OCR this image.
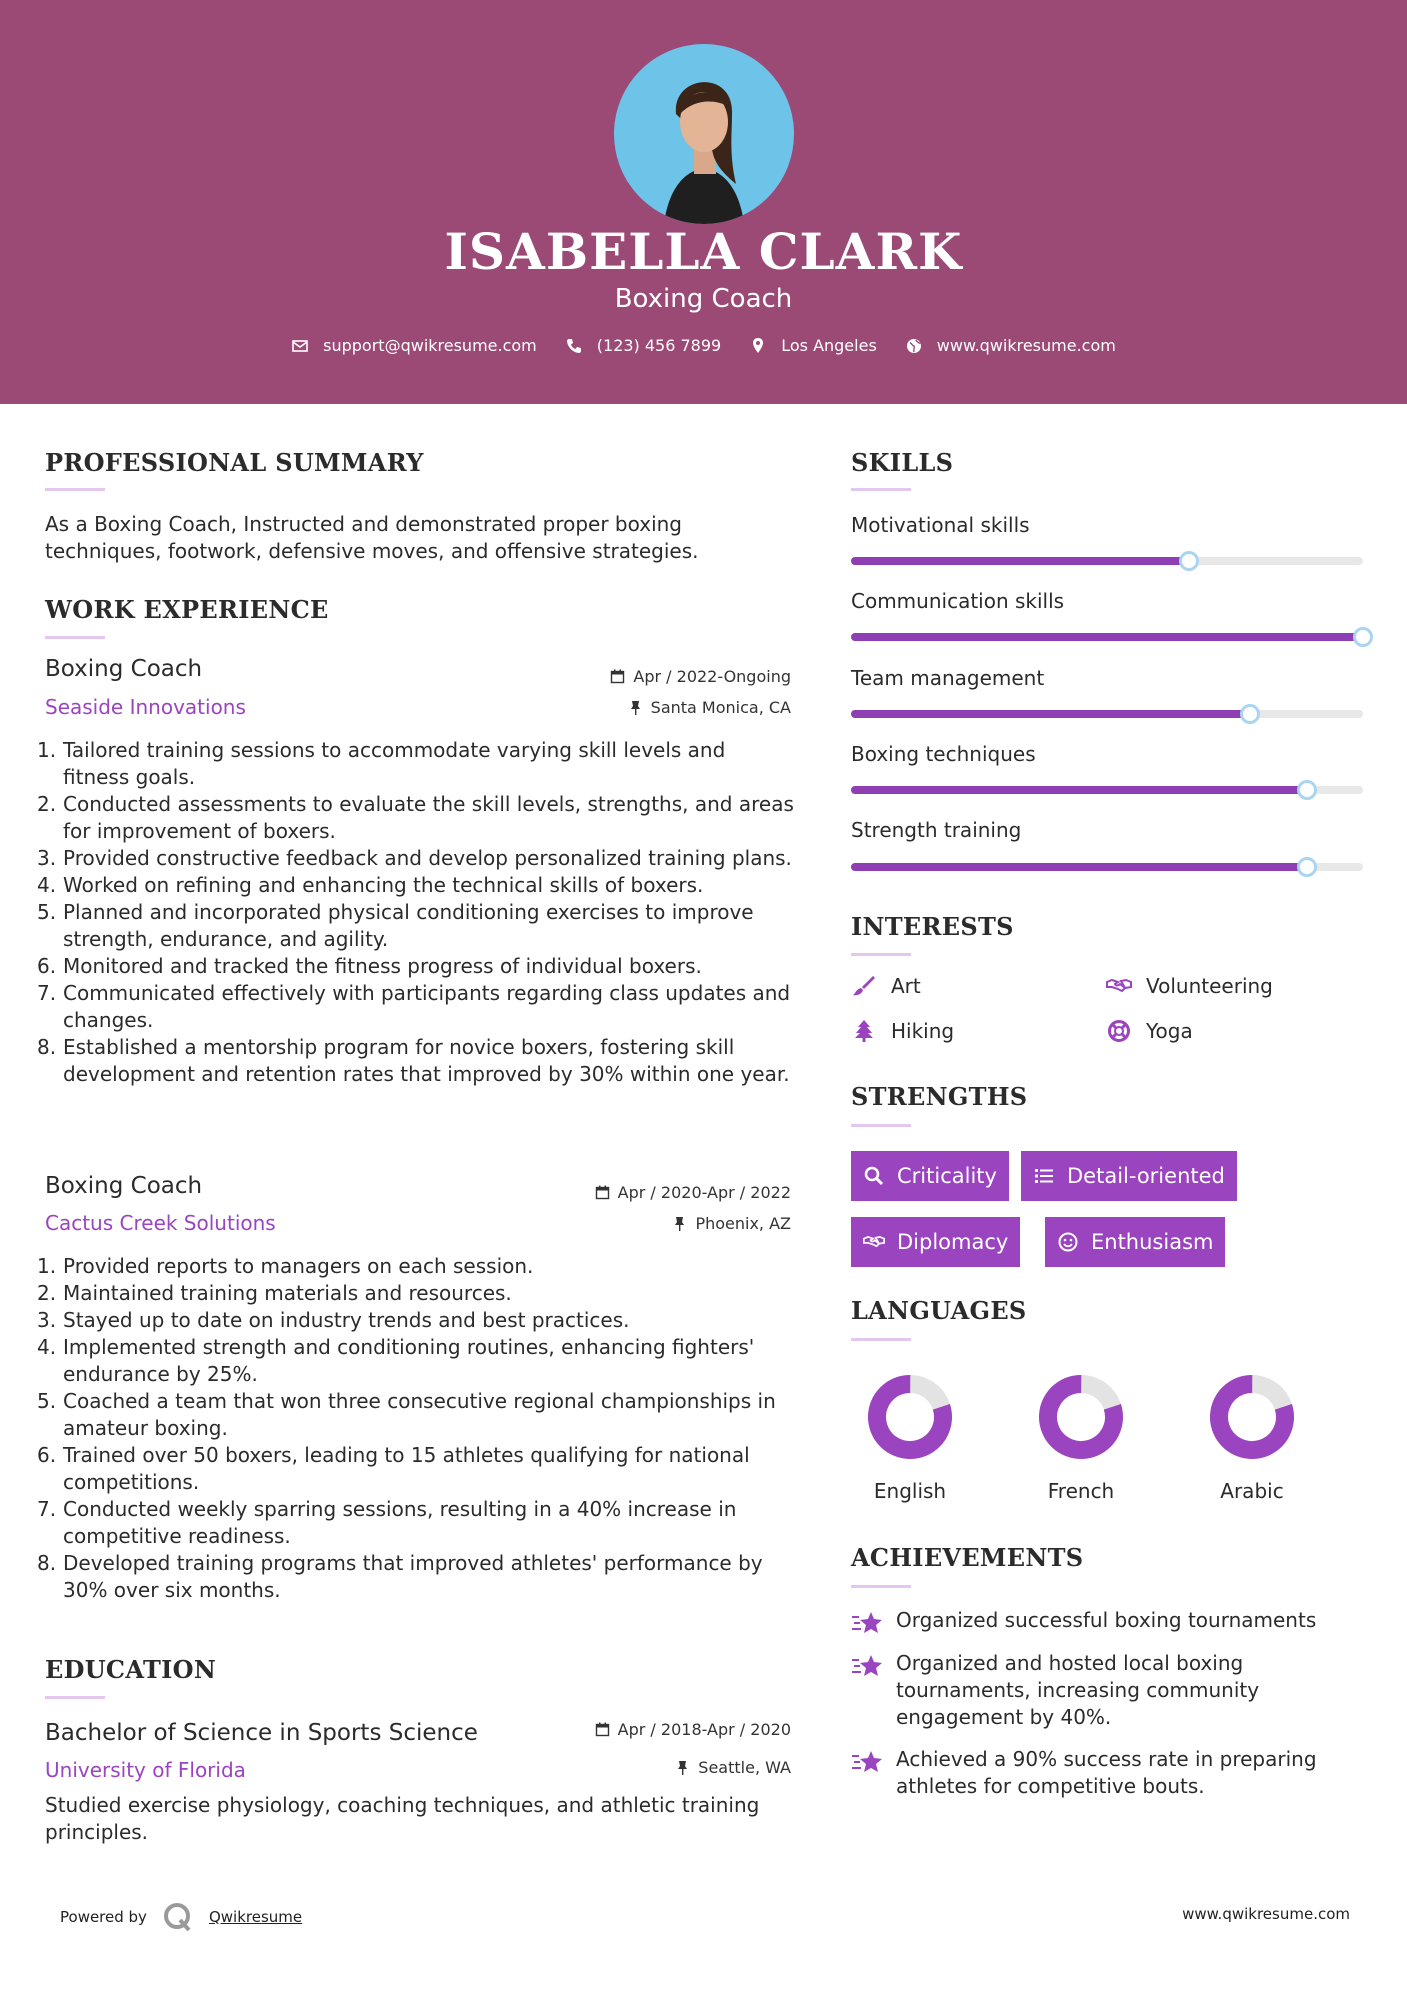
ISABELLA CLARK
Boxing Coach
support@qwikresume.com	(123) 456 7899	Los Angeles	www.qwikresume.com
PROFESSIONAL SUMMARY
As a Boxing Coach, Instructed and demonstrated proper boxing techniques, footwork, defensive moves, and offensive strategies.
WORK EXPERIENCE
Boxing Coach	Apr / 2022-Ongoing
Seaside Innovations	Santa Monica, CA
Tailored training sessions to accommodate varying skill levels and fitness goals.
Conducted assessments to evaluate the skill levels, strengths, and areas for improvement of boxers.
Provided constructive feedback and develop personalized training plans.
Worked on refining and enhancing the technical skills of boxers.
Planned and incorporated physical conditioning exercises to improve strength, endurance, and agility.
Monitored and tracked the fitness progress of individual boxers.
Communicated effectively with participants regarding class updates and changes.
Established a mentorship program for novice boxers, fostering skill development and retention rates that improved by 30% within one year.
Boxing Coach	Apr / 2020-Apr / 2022
Cactus Creek Solutions	Phoenix, AZ
Provided reports to managers on each session.
Maintained training materials and resources.
Stayed up to date on industry trends and best practices.
Implemented strength and conditioning routines, enhancing fighters' endurance by 25%.
Coached a team that won three consecutive regional championships in amateur boxing.
Trained over 50 boxers, leading to 15 athletes qualifying for national competitions.
Conducted weekly sparring sessions, resulting in a 40% increase in competitive readiness.
Developed training programs that improved athletes' performance by 30% over six months.
EDUCATION
Bachelor of Science in Sports Science	Apr / 2018-Apr / 2020
University of Florida	Seattle, WA
Studied exercise physiology, coaching techniques, and athletic training principles.
SKILLS
Motivational skills
Communication skills
Team management
Boxing techniques
Strength training
INTERESTS
Art	Volunteering
Hiking	Yoga
STRENGTHS
Criticality	Detail-oriented
Diplomacy	Enthusiasm
LANGUAGES
English	French	Arabic
ACHIEVEMENTS
Organized successful boxing tournaments
Organized and hosted local boxing tournaments, increasing community engagement by 40%.
Achieved a 90% success rate in preparing athletes for competitive bouts.
Powered by	Qwikresume	www.qwikresume.com
